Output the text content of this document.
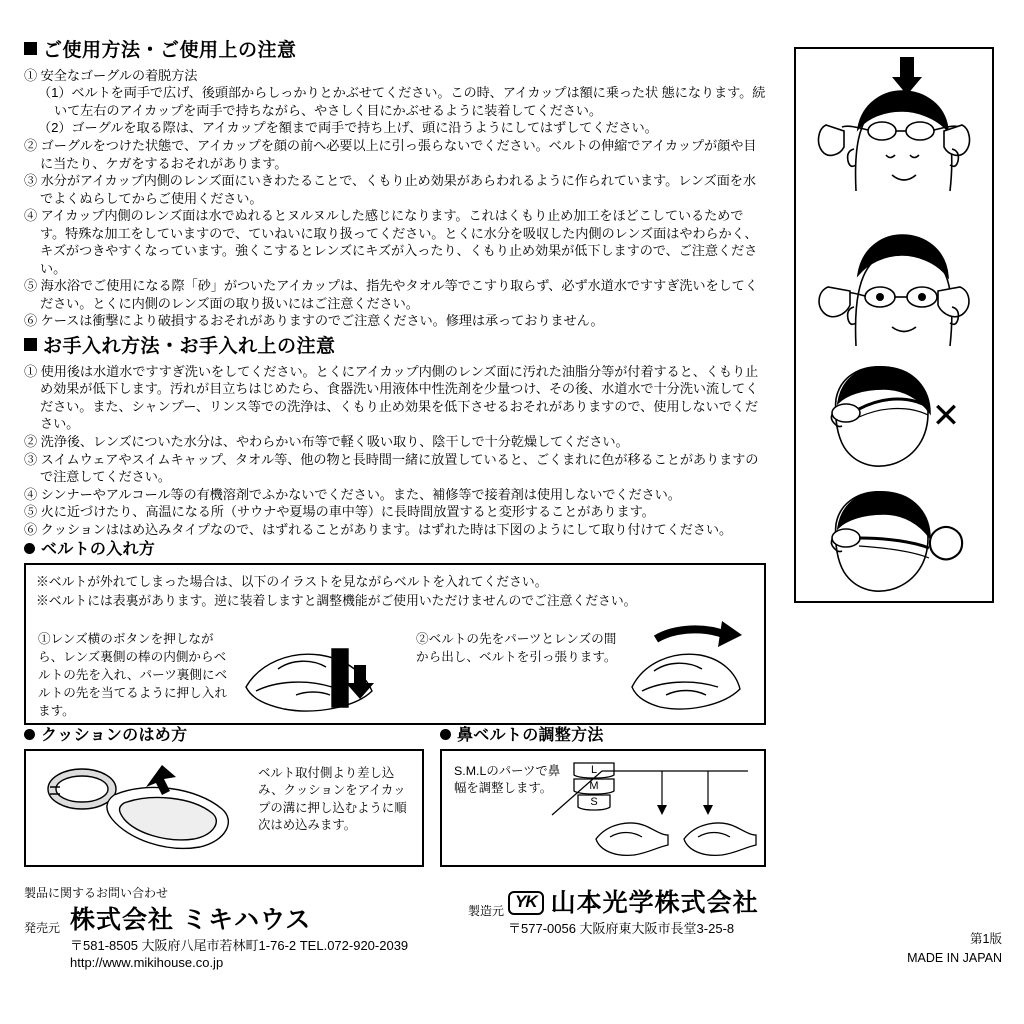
ご使用方法・ご使用上の注意
① 安全なゴーグルの着脱方法
（1）ベルトを両手で広げ、後頭部からしっかりとかぶせてください。この時、アイカップは額に乗った状 態になります。続いて左右のアイカップを両手で持ちながら、やさしく目にかぶせるように装着してください。
（2）ゴーグルを取る際は、アイカップを額まで両手で持ち上げ、頭に沿うようにしてはずしてください。
② ゴーグルをつけた状態で、アイカップを顔の前へ必要以上に引っ張らないでください。ベルトの伸縮でアイカップが顔や目に当たり、ケガをするおそれがあります。
③ 水分がアイカップ内側のレンズ面にいきわたることで、くもり止め効果があらわれるように作られています。レンズ面を水でよくぬらしてからご使用ください。
④ アイカップ内側のレンズ面は水でぬれるとヌルヌルした感じになります。これはくもり止め加工をほどこしているためです。特殊な加工をしていますので、ていねいに取り扱ってください。とくに水分を吸収した内側のレンズ面はやわらかく、キズがつきやすくなっています。強くこするとレンズにキズが入ったり、くもり止め効果が低下しますので、ご注意ください。
⑤ 海水浴でご使用になる際「砂」がついたアイカップは、指先やタオル等でこすり取らず、必ず水道水ですすぎ洗いをしてください。とくに内側のレンズ面の取り扱いにはご注意ください。
⑥ ケースは衝撃により破損するおそれがありますのでご注意ください。修理は承っておりません。
お手入れ方法・お手入れ上の注意
① 使用後は水道水ですすぎ洗いをしてください。とくにアイカップ内側のレンズ面に汚れた油脂分等が付着すると、くもり止め効果が低下します。汚れが目立ちはじめたら、食器洗い用液体中性洗剤を少量つけ、その後、水道水で十分洗い流してください。また、シャンプー、リンス等での洗浄は、くもり止め効果を低下させるおそれがありますので、使用しないでください。
② 洗浄後、レンズについた水分は、やわらかい布等で軽く吸い取り、陰干しで十分乾燥してください。
③ スイムウェアやスイムキャップ、タオル等、他の物と長時間一緒に放置していると、ごくまれに色が移ることがありますので注意してください。
④ シンナーやアルコール等の有機溶剤でふかないでください。また、補修等で接着剤は使用しないでください。
⑤ 火に近づけたり、高温になる所（サウナや夏場の車中等）に長時間放置すると変形することがあります。
⑥ クッションははめ込みタイプなので、はずれることがあります。はずれた時は下図のようにして取り付けてください。
✕
◯
ベルトの入れ方
※ベルトが外れてしまった場合は、以下のイラストを見ながらベルトを入れてください。
※ベルトには表裏があります。逆に装着しますと調整機能がご使用いただけませんのでご注意ください。
①レンズ横のボタンを押しながら、レンズ裏側の棒の内側からベルトの先を入れ、パーツ裏側にベルトの先を当てるように押し入れます。
②ベルトの先をパーツとレンズの間から出し、ベルトを引っ張ります。
クッションのはめ方
ベルト取付側より差し込み、クッションをアイカップの溝に押し込むように順次はめ込みます。
鼻ベルトの調整方法
S.M.Lのパーツで鼻幅を調整します。
L
M
S
製品に関するお問い合わせ
発売元 株式会社 ミキハウス
〒581-8505 大阪府八尾市若林町1-76-2 TEL.072-920-2039
http://www.mikihouse.co.jp
製造元 YK 山本光学株式会社
〒577-0056 大阪府東大阪市長堂3-25-8
第1版
MADE IN JAPAN
